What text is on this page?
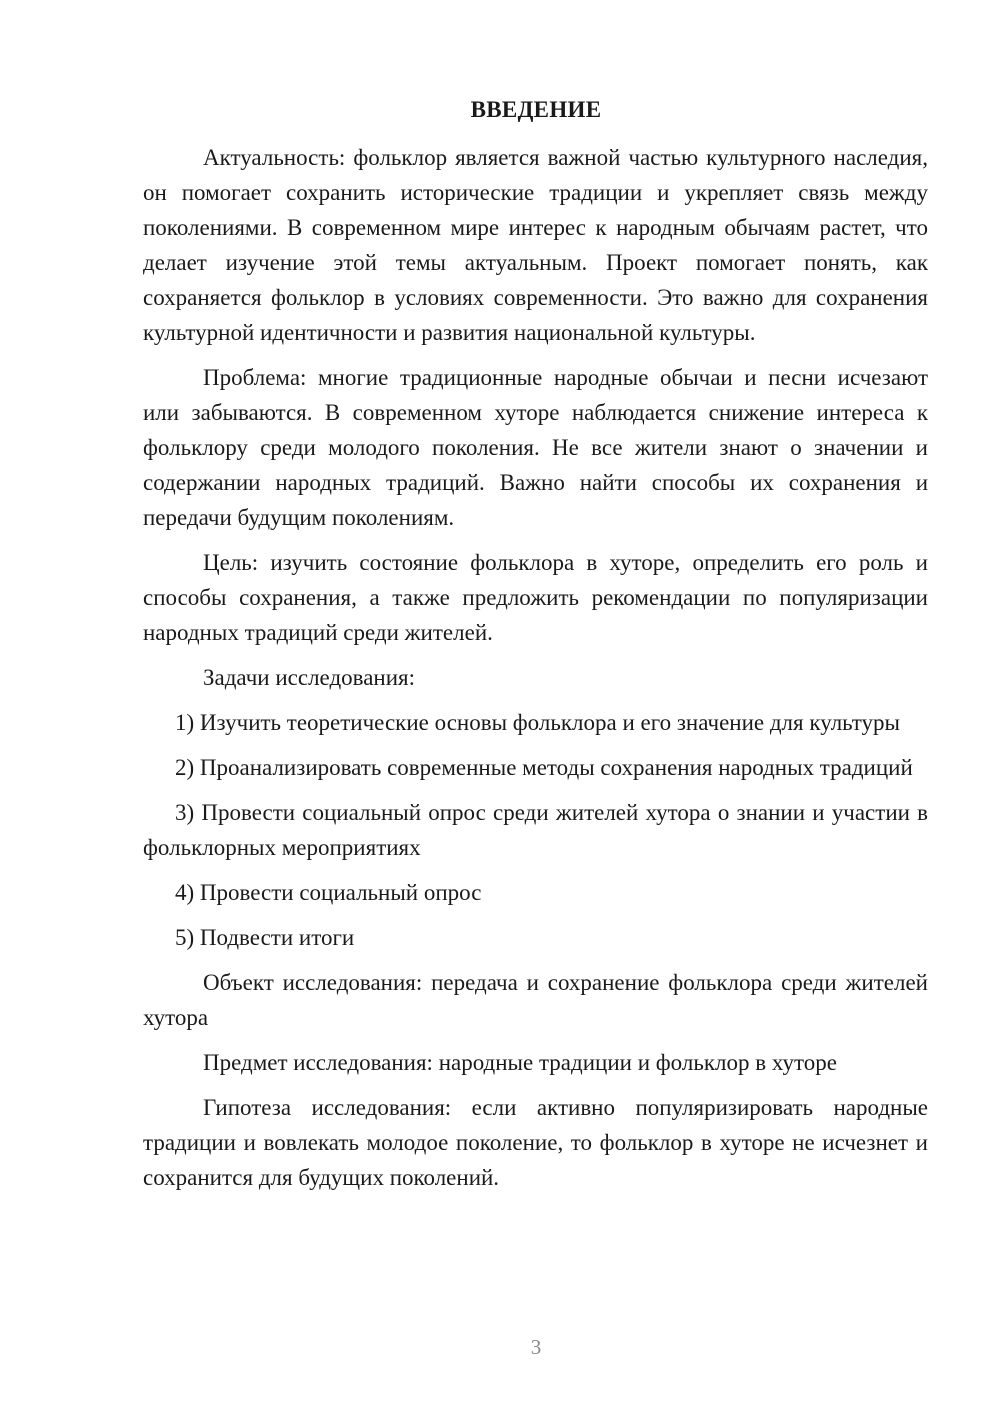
ВВЕДЕНИЕ

Актуальность: фольклор является важной частью культурного наследия, он помогает сохранить исторические традиции и укрепляет связь между поколениями. В современном мире интерес к народным обычаям растет, что делает изучение этой темы актуальным. Проект помогает понять, как сохраняется фольклор в условиях современности. Это важно для сохранения культурной идентичности и развития национальной культуры.

Проблема: многие традиционные народные обычаи и песни исчезают или забываются. В современном хуторе наблюдается снижение интереса к фольклору среди молодого поколения. Не все жители знают о значении и содержании народных традиций. Важно найти способы их сохранения и передачи будущим поколениям.

Цель: изучить состояние фольклора в хуторе, определить его роль и способы сохранения, а также предложить рекомендации по популяризации народных традиций среди жителей.

Задачи исследования:

1) Изучить теоретические основы фольклора и его значение для культуры

2) Проанализировать современные методы сохранения народных традиций

3) Провести социальный опрос среди жителей хутора о знании и участии в фольклорных мероприятиях

4) Провести социальный опрос

5) Подвести итоги

Объект исследования: передача и сохранение фольклора среди жителей хутора

Предмет исследования: народные традиции и фольклор в хуторе

Гипотеза исследования: если активно популяризировать народные традиции и вовлекать молодое поколение, то фольклор в хуторе не исчезнет и сохранится для будущих поколений.

3
